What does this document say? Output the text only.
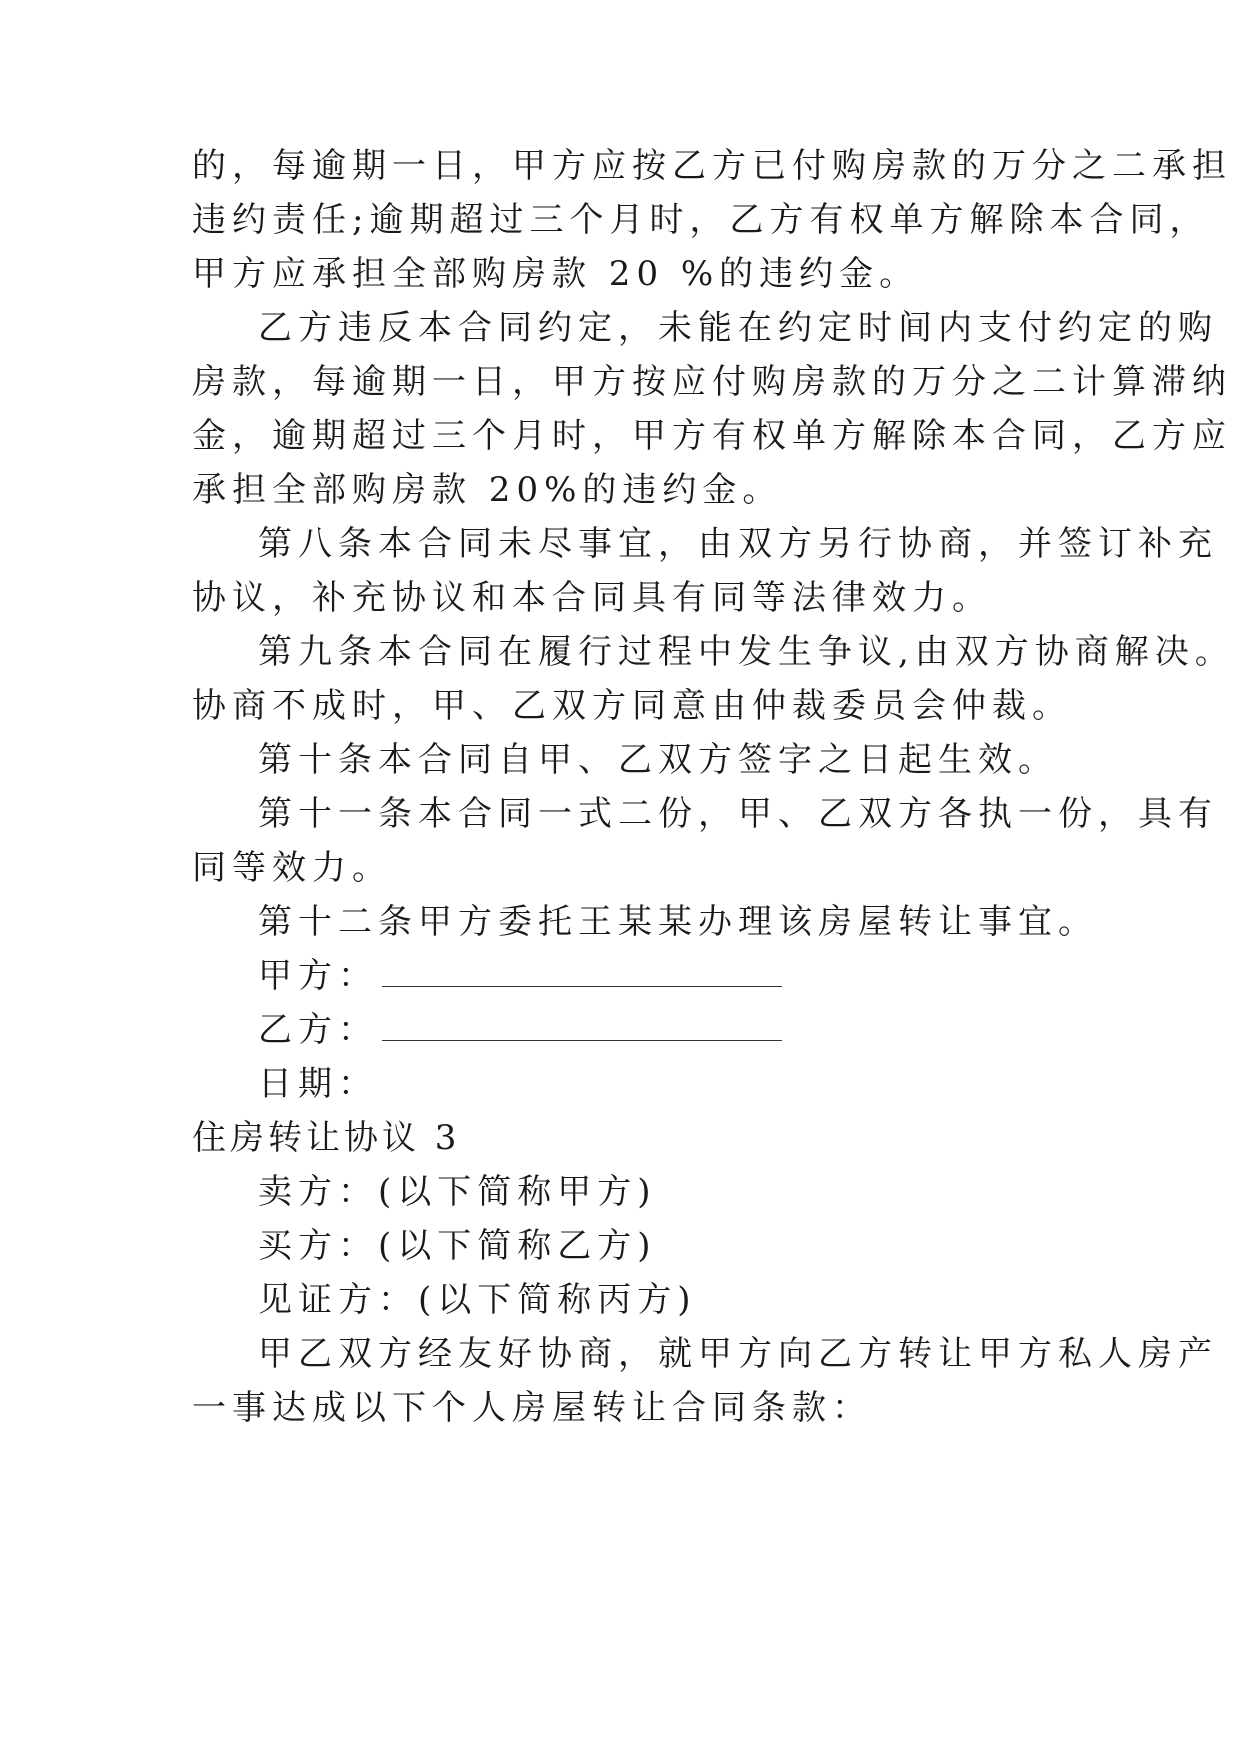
的，每逾期一日，甲方应按乙方已付购房款的万分之二承担
违约责任;逾期超过三个月时，乙方有权单方解除本合同，
甲方应承担全部购房款 20 %的违约金。
乙方违反本合同约定，未能在约定时间内支付约定的购
房款，每逾期一日，甲方按应付购房款的万分之二计算滞纳
金，逾期超过三个月时，甲方有权单方解除本合同，乙方应
承担全部购房款 20%的违约金。
第八条本合同未尽事宜，由双方另行协商，并签订补充
协议，补充协议和本合同具有同等法律效力。
第九条本合同在履行过程中发生争议,由双方协商解决。
协商不成时，甲、乙双方同意由仲裁委员会仲裁。
第十条本合同自甲、乙双方签字之日起生效。
第十一条本合同一式二份，甲、乙双方各执一份，具有
同等效力。
第十二条甲方委托王某某办理该房屋转让事宜。
甲方：
乙方：
日期：
住房转让协议 3
卖方：(以下简称甲方)
买方：(以下简称乙方)
见证方：(以下简称丙方)
甲乙双方经友好协商，就甲方向乙方转让甲方私人房产
一事达成以下个人房屋转让合同条款：
